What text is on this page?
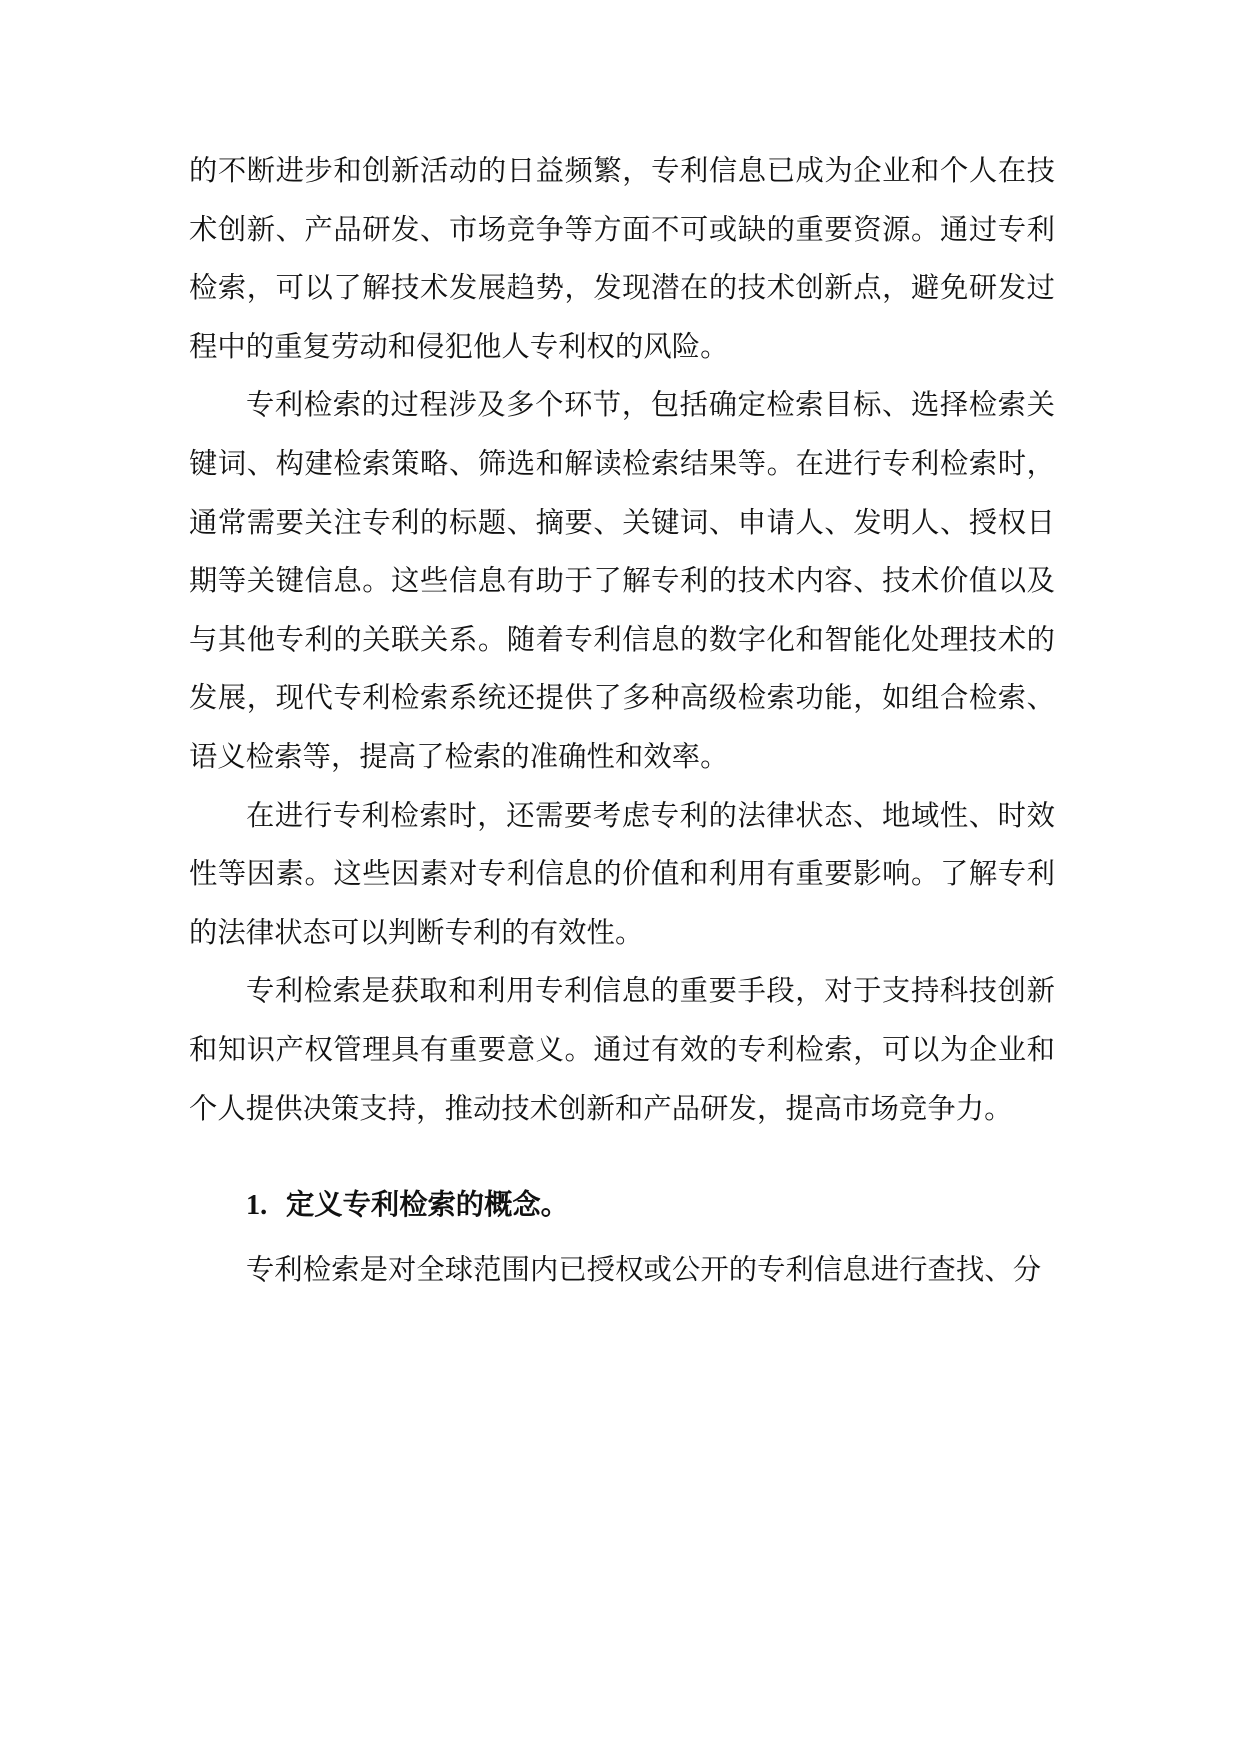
的不断进步和创新活动的日益频繁，专利信息已成为企业和个人在技术创新、产品研发、市场竞争等方面不可或缺的重要资源。通过专利检索，可以了解技术发展趋势，发现潜在的技术创新点，避免研发过程中的重复劳动和侵犯他人专利权的风险。

专利检索的过程涉及多个环节，包括确定检索目标、选择检索关键词、构建检索策略、筛选和解读检索结果等。在进行专利检索时，通常需要关注专利的标题、摘要、关键词、申请人、发明人、授权日期等关键信息。这些信息有助于了解专利的技术内容、技术价值以及与其他专利的关联关系。随着专利信息的数字化和智能化处理技术的发展，现代专利检索系统还提供了多种高级检索功能，如组合检索、语义检索等，提高了检索的准确性和效率。

在进行专利检索时，还需要考虑专利的法律状态、地域性、时效性等因素。这些因素对专利信息的价值和利用有重要影响。了解专利的法律状态可以判断专利的有效性。

专利检索是获取和利用专利信息的重要手段，对于支持科技创新和知识产权管理具有重要意义。通过有效的专利检索，可以为企业和个人提供决策支持，推动技术创新和产品研发，提高市场竞争力。

1. 定义专利检索的概念。

专利检索是对全球范围内已授权或公开的专利信息进行查找、分
